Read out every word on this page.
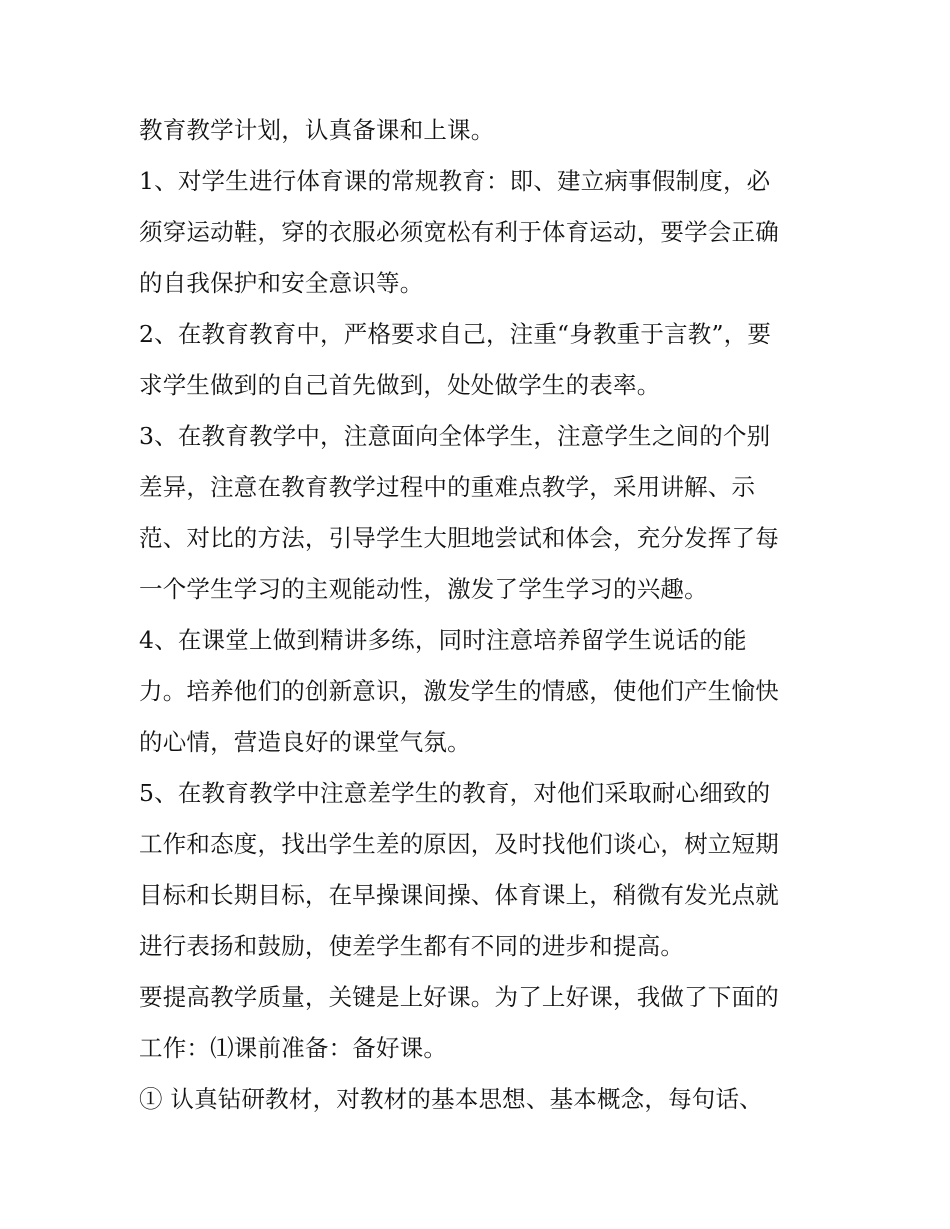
教育教学计划，认真备课和上课。
1、对学生进行体育课的常规教育：即、建立病事假制度，必
须穿运动鞋，穿的衣服必须宽松有利于体育运动，要学会正确
的自我保护和安全意识等。
2、在教育教育中，严格要求自己，注重“身教重于言教”，要
求学生做到的自己首先做到，处处做学生的表率。
3、在教育教学中，注意面向全体学生，注意学生之间的个别
差异，注意在教育教学过程中的重难点教学，采用讲解、示
范、对比的方法，引导学生大胆地尝试和体会，充分发挥了每
一个学生学习的主观能动性，激发了学生学习的兴趣。
4、在课堂上做到精讲多练，同时注意培养留学生说话的能
力。培养他们的创新意识，激发学生的情感，使他们产生愉快
的心情，营造良好的课堂气氛。
5、在教育教学中注意差学生的教育，对他们采取耐心细致的
工作和态度，找出学生差的原因，及时找他们谈心，树立短期
目标和长期目标，在早操课间操、体育课上，稍微有发光点就
进行表扬和鼓励，使差学生都有不同的进步和提高。
要提高教学质量，关键是上好课。为了上好课，我做了下面的
工作：⑴课前准备：备好课。
① 认真钻研教材，对教材的基本思想、基本概念，每句话、
